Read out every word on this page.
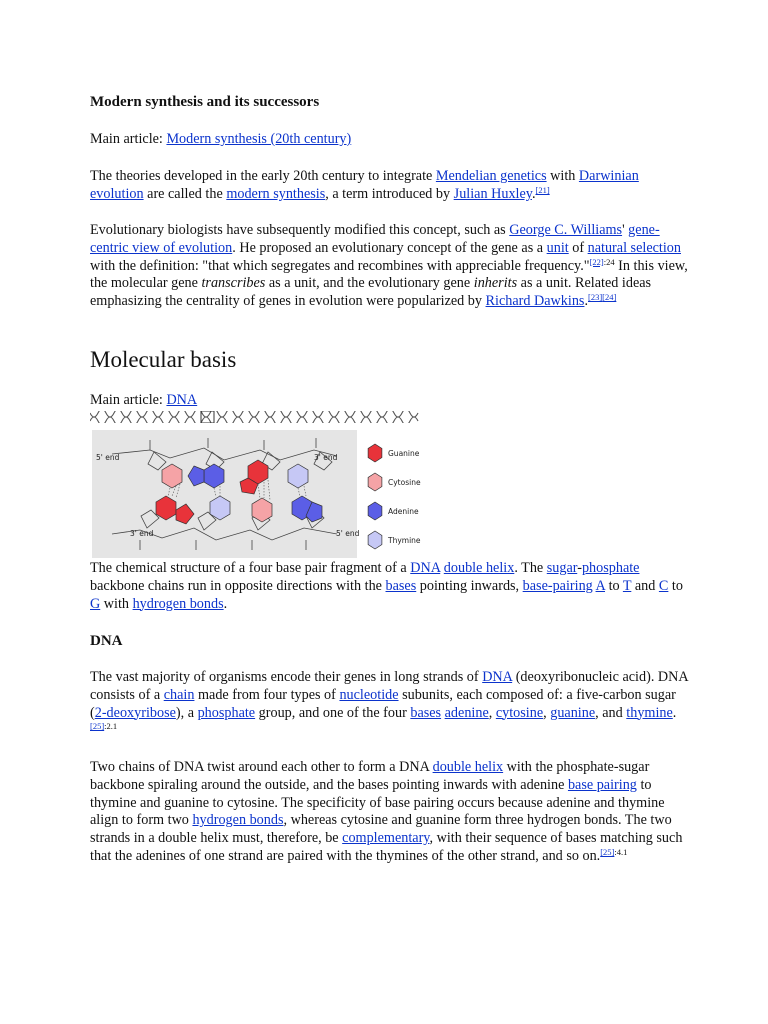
Modern synthesis and its successors

Main article: Modern synthesis (20th century)

The theories developed in the early 20th century to integrate Mendelian genetics with Darwinian evolution are called the modern synthesis, a term introduced by Julian Huxley.[21]

Evolutionary biologists have subsequently modified this concept, such as George C. Williams' gene-centric view of evolution. He proposed an evolutionary concept of the gene as a unit of natural selection with the definition: "that which segregates and recombines with appreciable frequency."$^{[22]:24}$ In this view, the molecular gene transcribes as a unit, and the evolutionary gene inherits as a unit. Related ideas emphasizing the centrality of genes in evolution were popularized by Richard Dawkins.[23][24]

Molecular basis

Main article: DNA

5' end	3' end
3' end	5' end
Guanine
Cytosine
Adenine
Thymine

The chemical structure of a four base pair fragment of a DNA double helix. The sugar-phosphate backbone chains run in opposite directions with the bases pointing inwards, base-pairing A to T and C to G with hydrogen bonds.

DNA

The vast majority of organisms encode their genes in long strands of DNA (deoxyribonucleic acid). DNA consists of a chain made from four types of nucleotide subunits, each composed of: a five-carbon sugar (2-deoxyribose), a phosphate group, and one of the four bases adenine, cytosine, guanine, and thymine.$^{[25]:2.1}$

Two chains of DNA twist around each other to form a DNA double helix with the phosphate-sugar backbone spiraling around the outside, and the bases pointing inwards with adenine base pairing to thymine and guanine to cytosine. The specificity of base pairing occurs because adenine and thymine align to form two hydrogen bonds, whereas cytosine and guanine form three hydrogen bonds. The two strands in a double helix must, therefore, be complementary, with their sequence of bases matching such that the adenines of one strand are paired with the thymines of the other strand, and so on.$^{[25]:4.1}$
